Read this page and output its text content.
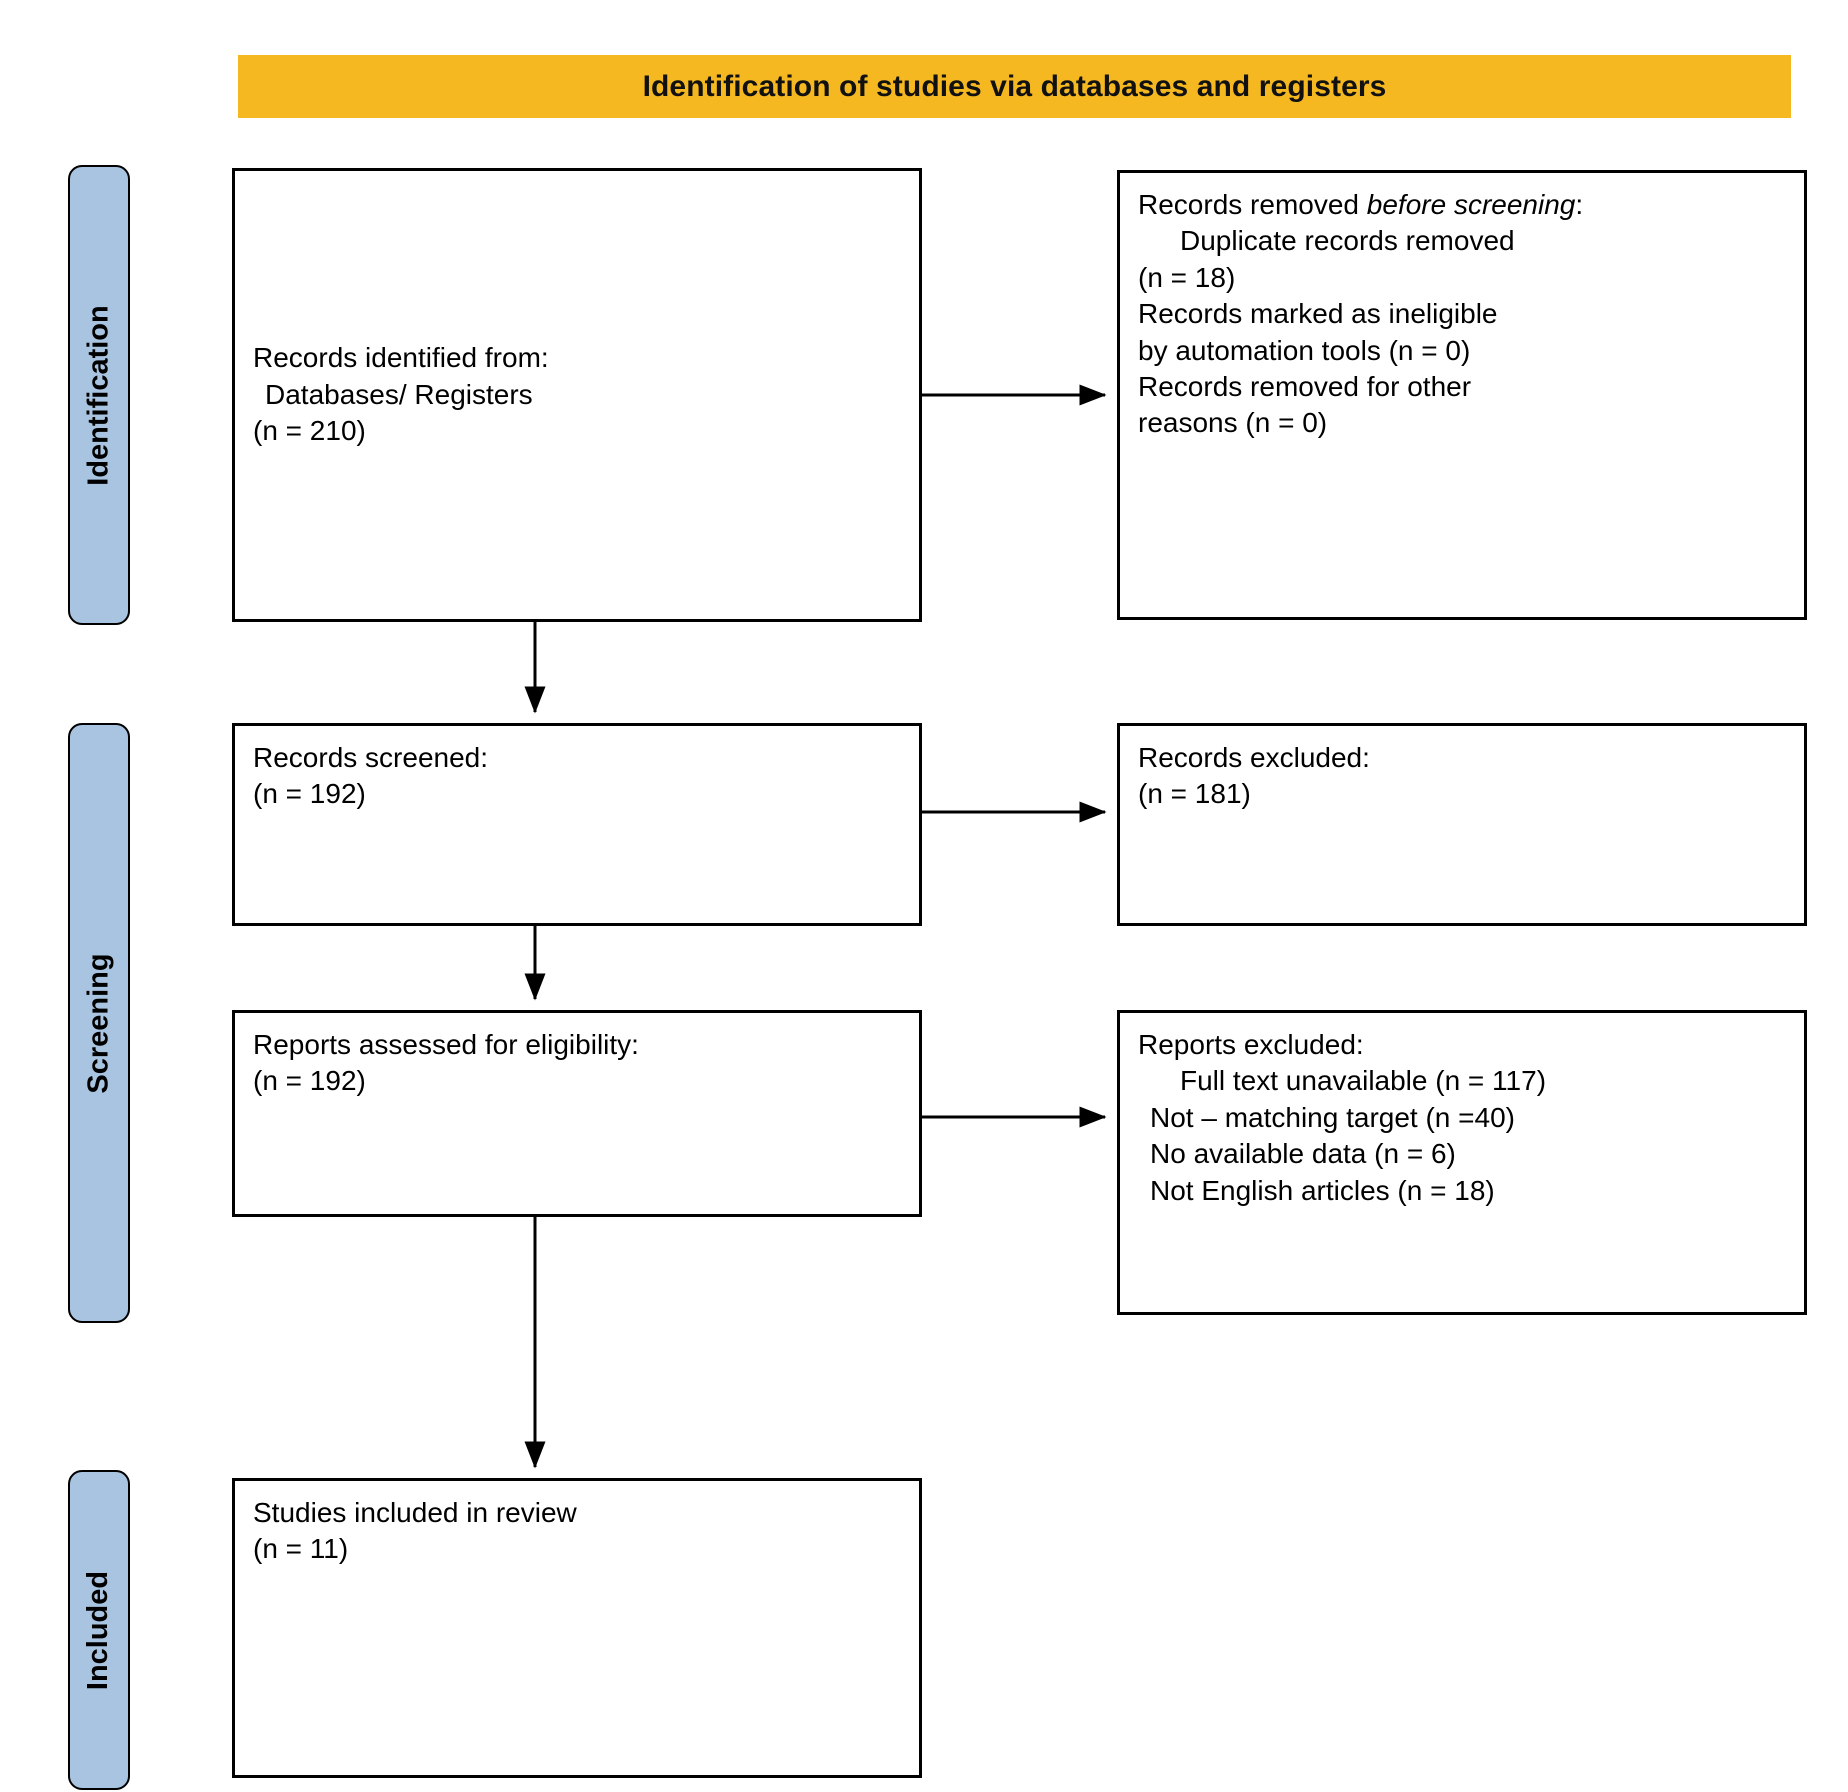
Identification of studies via databases and registers
Identification
Screening
Included
Records identified from:
Databases/ Registers
(n = 210)
Records removed before screening:
Duplicate records removed
(n = 18)
Records marked as ineligible
by automation tools (n = 0)
Records removed for other
reasons (n = 0)
Records screened:
(n = 192)
Records excluded:
(n = 181)
Reports assessed for eligibility:
(n = 192)
Reports excluded:
Full text unavailable (n = 117)
Not – matching target (n =40)
No available data (n = 6)
Not English articles (n = 18)
Studies included in review
(n = 11)
